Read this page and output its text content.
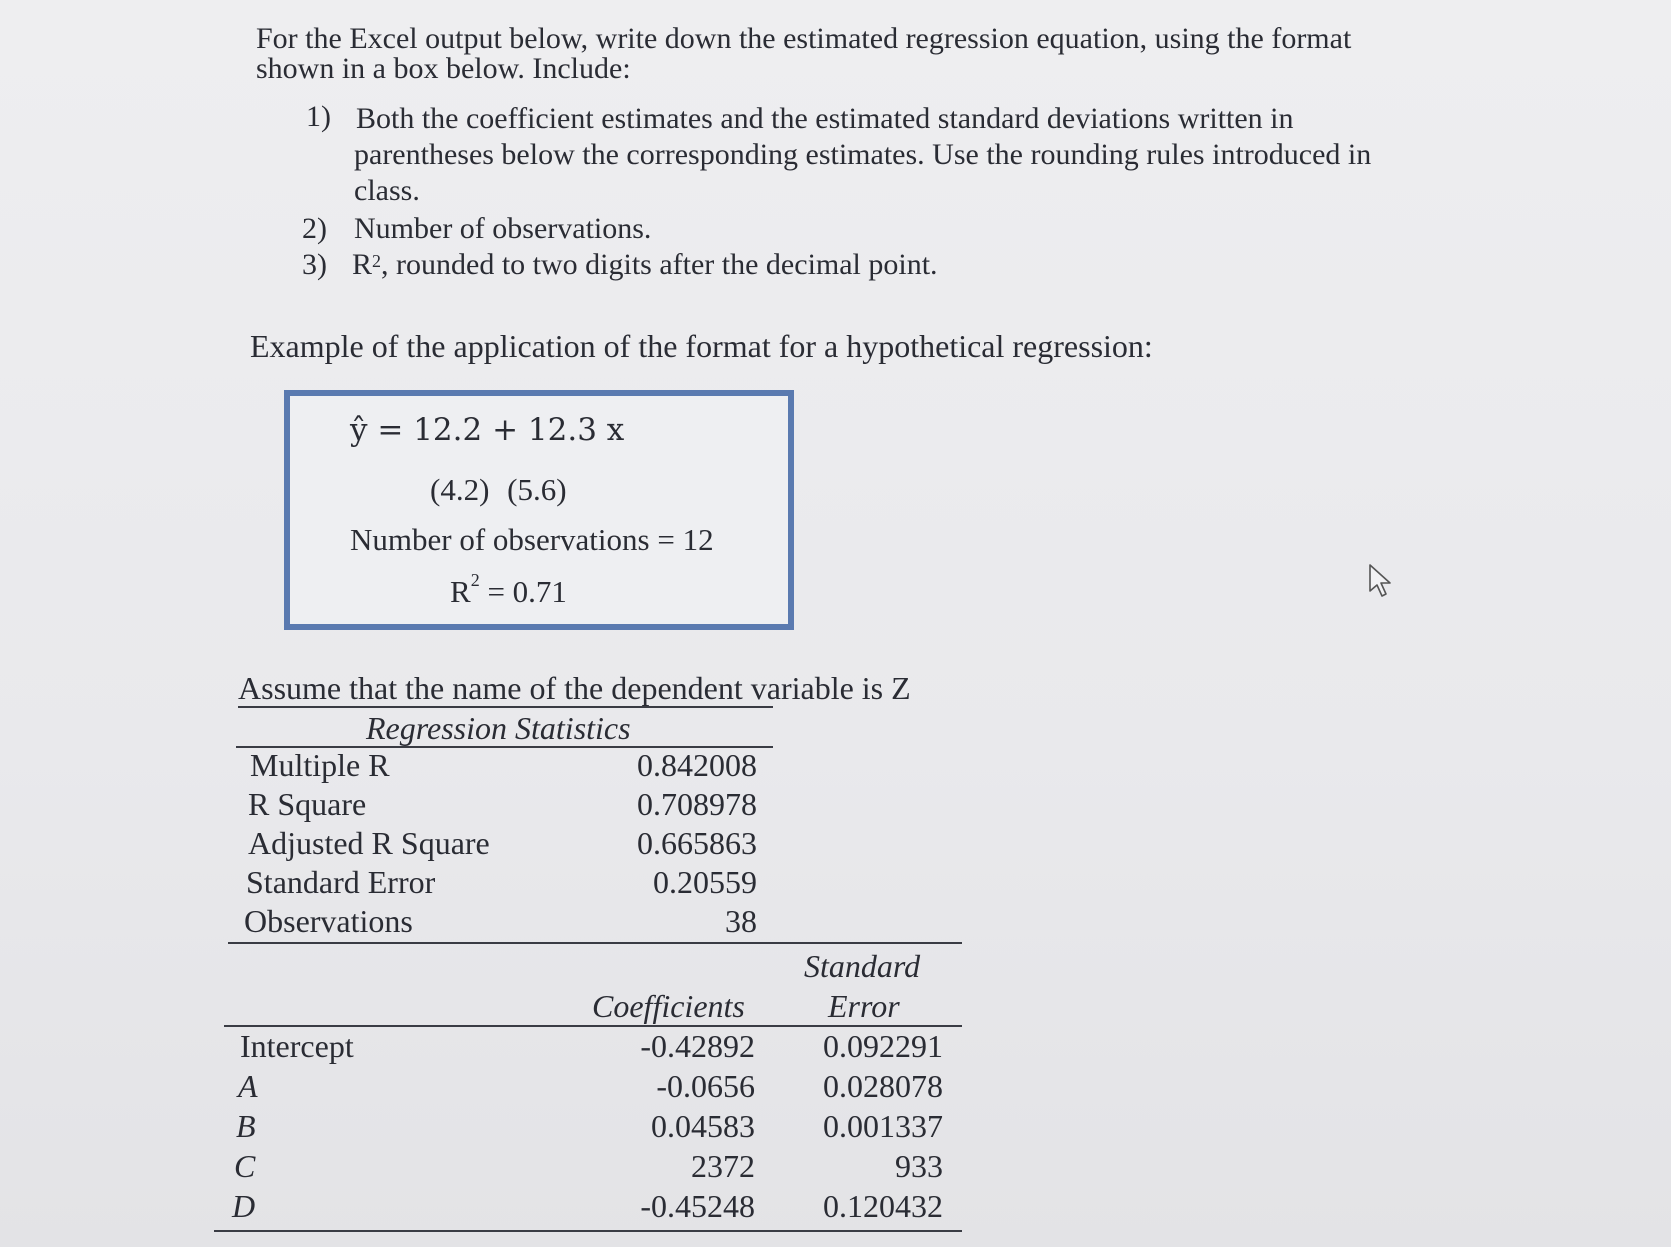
For the Excel output below, write down the estimated regression equation, using the format
shown in a box below. Include:
1) Both the coefficient estimates and the estimated standard deviations written in
parentheses below the corresponding estimates. Use the rounding rules introduced in
class.
2) Number of observations.
3) $R^2$, rounded to two digits after the decimal point.
Example of the application of the format for a hypothetical regression:
ŷ = 12.2 + 12.3 x
(4.2) (5.6)
Number of observations = 12
$R^2 = 0.71$
Assume that the name of the dependent variable is Z
Regression Statistics
Multiple R	0.842008
R Square	0.708978
Adjusted R Square	0.665863
Standard Error	0.20559
Observations	38
Standard
Coefficients	Error
Intercept	-0.42892 0.092291
A	-0.0656 0.028078
B	0.04583 0.001337
C	2372	933
D	-0.45248 0.120432
